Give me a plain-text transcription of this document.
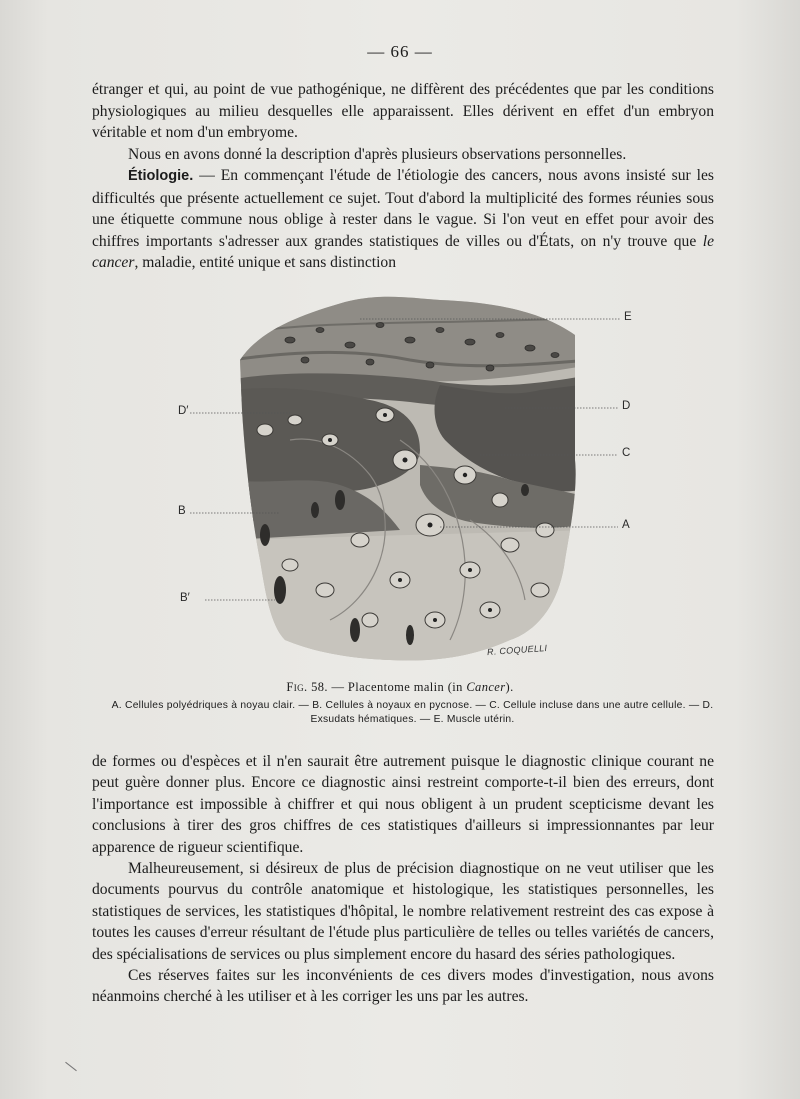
— 66 —

étranger et qui, au point de vue pathogénique, ne diffèrent des précédentes que par les conditions physiologiques au milieu desquelles elle apparaissent. Elles dérivent en effet d'un embryon véritable et nom d'un embryome.

Nous en avons donné la description d'après plusieurs observations personnelles.

Étiologie. — En commençant l'étude de l'étiologie des cancers, nous avons insisté sur les difficultés que présente actuellement ce sujet. Tout d'abord la multiplicité des formes réunies sous une étiquette commune nous oblige à rester dans le vague. Si l'on veut en effet pour avoir des chiffres importants s'adresser aux grandes statistiques de villes ou d'États, on n'y trouve que le cancer, maladie, entité unique et sans distinction

E
D′	D
C
B
A
B′
R. COQUELLI
Fig. 58. — Placentome malin (in Cancer).
A. Cellules polyédriques à noyau clair. — B. Cellules à noyaux en pycnose. — C. Cellule incluse dans une autre cellule. — D. Exsudats hématiques. — E. Muscle utérin.

de formes ou d'espèces et il n'en saurait être autrement puisque le diagnostic clinique courant ne peut guère donner plus. Encore ce diagnostic ainsi restreint comporte-t-il bien des erreurs, dont l'importance est impossible à chiffrer et qui nous obligent à un prudent scepticisme devant les conclusions à tirer des gros chiffres de ces statistiques d'ailleurs si impressionnantes par leur apparence de rigueur scientifique.

Malheureusement, si désireux de plus de précision diagnostique on ne veut utiliser que les documents pourvus du contrôle anatomique et histologique, les statistiques personnelles, les statistiques de services, les statistiques d'hôpital, le nombre relativement restreint des cas expose à toutes les causes d'erreur résultant de l'étude plus particulière de telles ou telles variétés de cancers, des spécialisations de services ou plus simplement encore du hasard des séries pathologiques.

Ces réserves faites sur les inconvénients de ces divers modes d'investigation, nous avons néanmoins cherché à les utiliser et à les corriger les uns par les autres.
